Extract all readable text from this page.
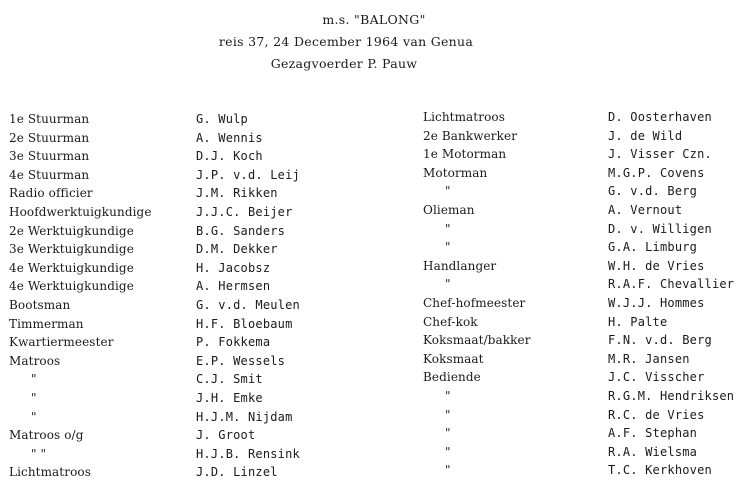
m.s. "BALONG"
reis 37, 24 December 1964 van Genua
Gezagvoerder P. Pauw
1e Stuurman
2e Stuurman
3e Stuurman
4e Stuurman
Radio officier
Hoofdwerktuigkundige
2e Werktuigkundige
3e Werktuigkundige
4e Werktuigkundige
4e Werktuigkundige
Bootsman
Timmerman
Kwartiermeester
Matroos
"
"
"
Matroos o/g
" "
Lichtmatroos
G. Wulp
A. Wennis
D.J. Koch
J.P. v.d. Leij
J.M. Rikken
J.J.C. Beijer
B.G. Sanders
D.M. Dekker
H. Jacobsz
A. Hermsen
G. v.d. Meulen
H.F. Bloebaum
P. Fokkema
E.P. Wessels
C.J. Smit
J.H. Emke
H.J.M. Nijdam
J. Groot
H.J.B. Rensink
J.D. Linzel
Lichtmatroos
2e Bankwerker
1e Motorman
Motorman
"
Olieman
"
"
Handlanger
"
Chef-hofmeester
Chef-kok
Koksmaat/bakker
Koksmaat
Bediende
"
"
"
"
"
D. Oosterhaven
J. de Wild
J. Visser Czn.
M.G.P. Covens
G. v.d. Berg
A. Vernout
D. v. Willigen
G.A. Limburg
W.H. de Vries
R.A.F. Chevallier
W.J.J. Hommes
H. Palte
F.N. v.d. Berg
M.R. Jansen
J.C. Visscher
R.G.M. Hendriksen
R.C. de Vries
A.F. Stephan
R.A. Wielsma
T.C. Kerkhoven
